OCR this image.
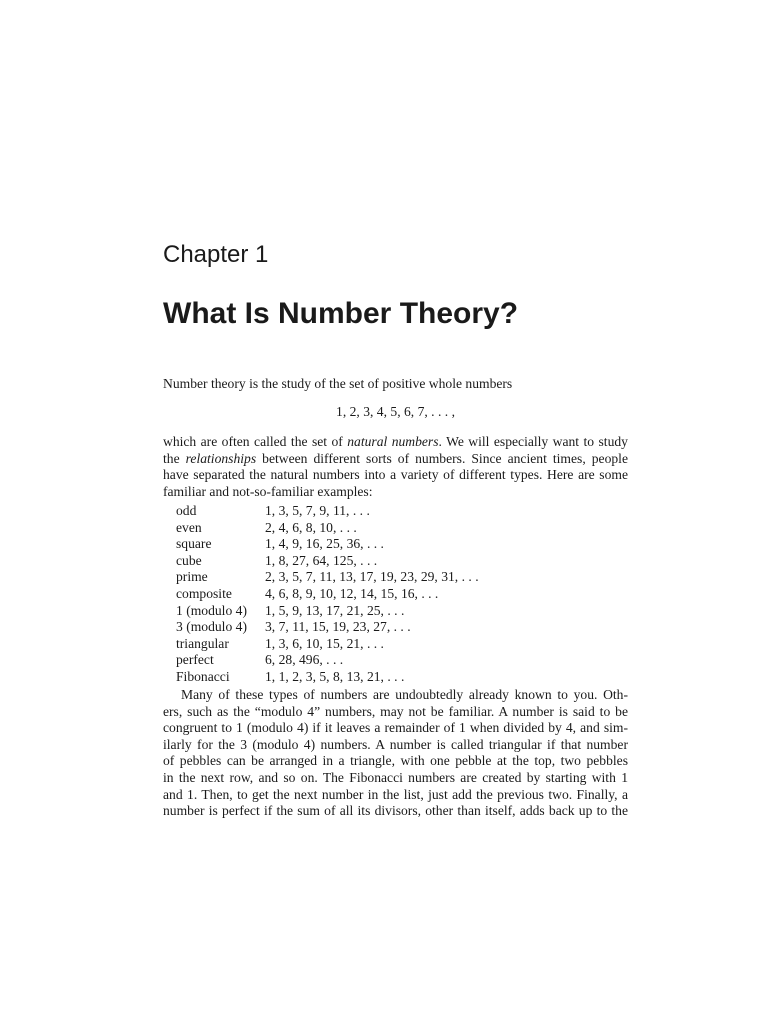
Chapter 1
What Is Number Theory?
Number theory is the study of the set of positive whole numbers
1, 2, 3, 4, 5, 6, 7, . . . ,
which are often called the set of natural numbers. We will especially want to study
the relationships between different sorts of numbers. Since ancient times, people
have separated the natural numbers into a variety of different types. Here are some
familiar and not-so-familiar examples:
odd	1, 3, 5, 7, 9, 11, . . .
even	2, 4, 6, 8, 10, . . .
square	1, 4, 9, 16, 25, 36, . . .
cube	1, 8, 27, 64, 125, . . .
prime	2, 3, 5, 7, 11, 13, 17, 19, 23, 29, 31, . . .
composite	4, 6, 8, 9, 10, 12, 14, 15, 16, . . .
1 (modulo 4)	1, 5, 9, 13, 17, 21, 25, . . .
3 (modulo 4)	3, 7, 11, 15, 19, 23, 27, . . .
triangular	1, 3, 6, 10, 15, 21, . . .
perfect	6, 28, 496, . . .
Fibonacci	1, 1, 2, 3, 5, 8, 13, 21, . . .
Many of these types of numbers are undoubtedly already known to you. Oth-
ers, such as the “modulo 4” numbers, may not be familiar. A number is said to be
congruent to 1 (modulo 4) if it leaves a remainder of 1 when divided by 4, and sim-
ilarly for the 3 (modulo 4) numbers. A number is called triangular if that number
of pebbles can be arranged in a triangle, with one pebble at the top, two pebbles
in the next row, and so on. The Fibonacci numbers are created by starting with 1
and 1. Then, to get the next number in the list, just add the previous two. Finally, a
number is perfect if the sum of all its divisors, other than itself, adds back up to the
